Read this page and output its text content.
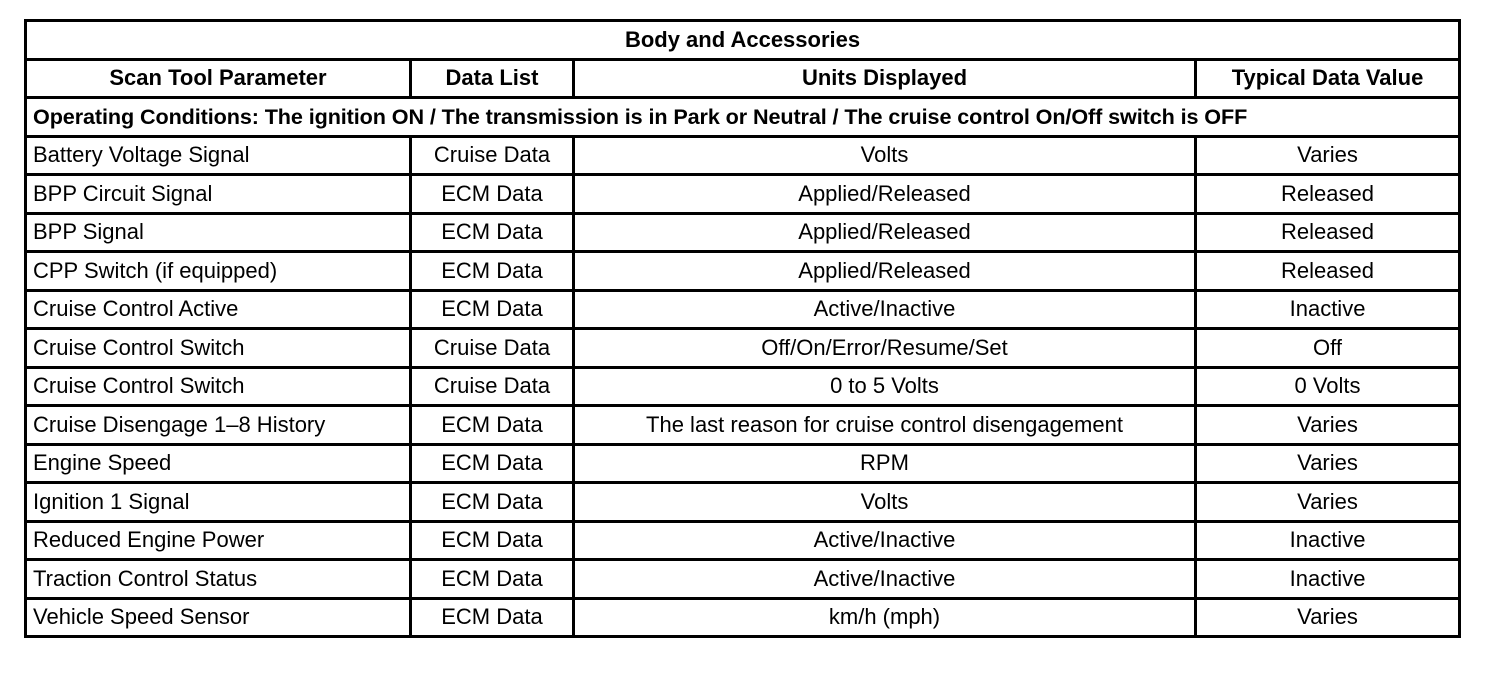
Body and Accessories			
Scan Tool Parameter	Data List	Units Displayed	Typical Data Value
Operating Conditions: The ignition ON / The transmission is in Park or Neutral / The cruise control On/Off switch is OFF			
Battery Voltage Signal	Cruise Data	Volts	Varies
BPP Circuit Signal	ECM Data	Applied/Released	Released
BPP Signal	ECM Data	Applied/Released	Released
CPP Switch (if equipped)	ECM Data	Applied/Released	Released
Cruise Control Active	ECM Data	Active/Inactive	Inactive
Cruise Control Switch	Cruise Data	Off/On/Error/Resume/Set	Off
Cruise Control Switch	Cruise Data	0 to 5 Volts	0 Volts
Cruise Disengage 1–8 History	ECM Data	The last reason for cruise control disengagement	Varies
Engine Speed	ECM Data	RPM	Varies
Ignition 1 Signal	ECM Data	Volts	Varies
Reduced Engine Power	ECM Data	Active/Inactive	Inactive
Traction Control Status	ECM Data	Active/Inactive	Inactive
Vehicle Speed Sensor	ECM Data	km/h (mph)	Varies
